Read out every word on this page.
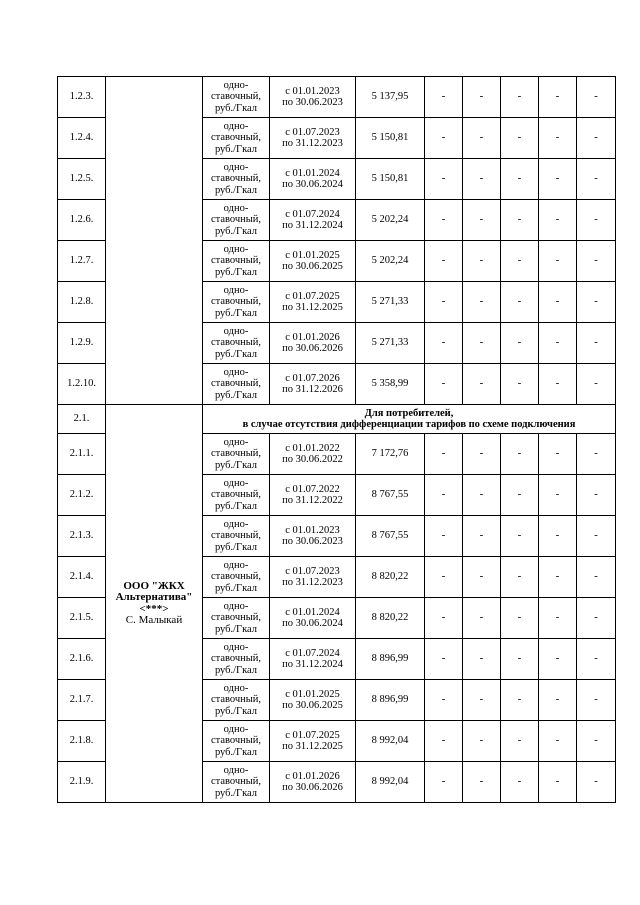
1.2.3.		одно-
ставочный,
руб./Гкал	с 01.01.2023
по 30.06.2023	5 137,95	-	-	-	-	-
1.2.4.		одно-
ставочный,
руб./Гкал	с 01.07.2023
по 31.12.2023	5 150,81	-	-	-	-	-
1.2.5.		одно-
ставочный,
руб./Гкал	с 01.01.2024
по 30.06.2024	5 150,81	-	-	-	-	-
1.2.6.		одно-
ставочный,
руб./Гкал	с 01.07.2024
по 31.12.2024	5 202,24	-	-	-	-	-
1.2.7.		одно-
ставочный,
руб./Гкал	с 01.01.2025
по 30.06.2025	5 202,24	-	-	-	-	-
1.2.8.		одно-
ставочный,
руб./Гкал	с 01.07.2025
по 31.12.2025	5 271,33	-	-	-	-	-
1.2.9.		одно-
ставочный,
руб./Гкал	с 01.01.2026
по 30.06.2026	5 271,33	-	-	-	-	-
1.2.10.		одно-
ставочный,
руб./Гкал	с 01.07.2026
по 31.12.2026	5 358,99	-	-	-	-	-
2.1.	ООО "ЖКХ
Альтернатива"
<***>
С. Малыкай	Для потребителей,
в случае отсутствия дифференциации тарифов по схеме подключения							

2.1.1.		одно-
ставочный,
руб./Гкал	с 01.01.2022
по 30.06.2022	7 172,76	-	-	-	-	-
2.1.2.		одно-
ставочный,
руб./Гкал	с 01.07.2022
по 31.12.2022	8 767,55	-	-	-	-	-
2.1.3.		одно-
ставочный,
руб./Гкал	с 01.01.2023
по 30.06.2023	8 767,55	-	-	-	-	-
2.1.4.		одно-
ставочный,
руб./Гкал	с 01.07.2023
по 31.12.2023	8 820,22	-	-	-	-	-
2.1.5.		одно-
ставочный,
руб./Гкал	с 01.01.2024
по 30.06.2024	8 820,22	-	-	-	-	-
2.1.6.		одно-
ставочный,
руб./Гкал	с 01.07.2024
по 31.12.2024	8 896,99	-	-	-	-	-
2.1.7.		одно-
ставочный,
руб./Гкал	с 01.01.2025
по 30.06.2025	8 896,99	-	-	-	-	-
2.1.8.		одно-
ставочный,
руб./Гкал	с 01.07.2025
по 31.12.2025	8 992,04	-	-	-	-	-
2.1.9.		одно-
ставочный,
руб./Гкал	с 01.01.2026
по 30.06.2026	8 992,04	-	-	-	-	-
